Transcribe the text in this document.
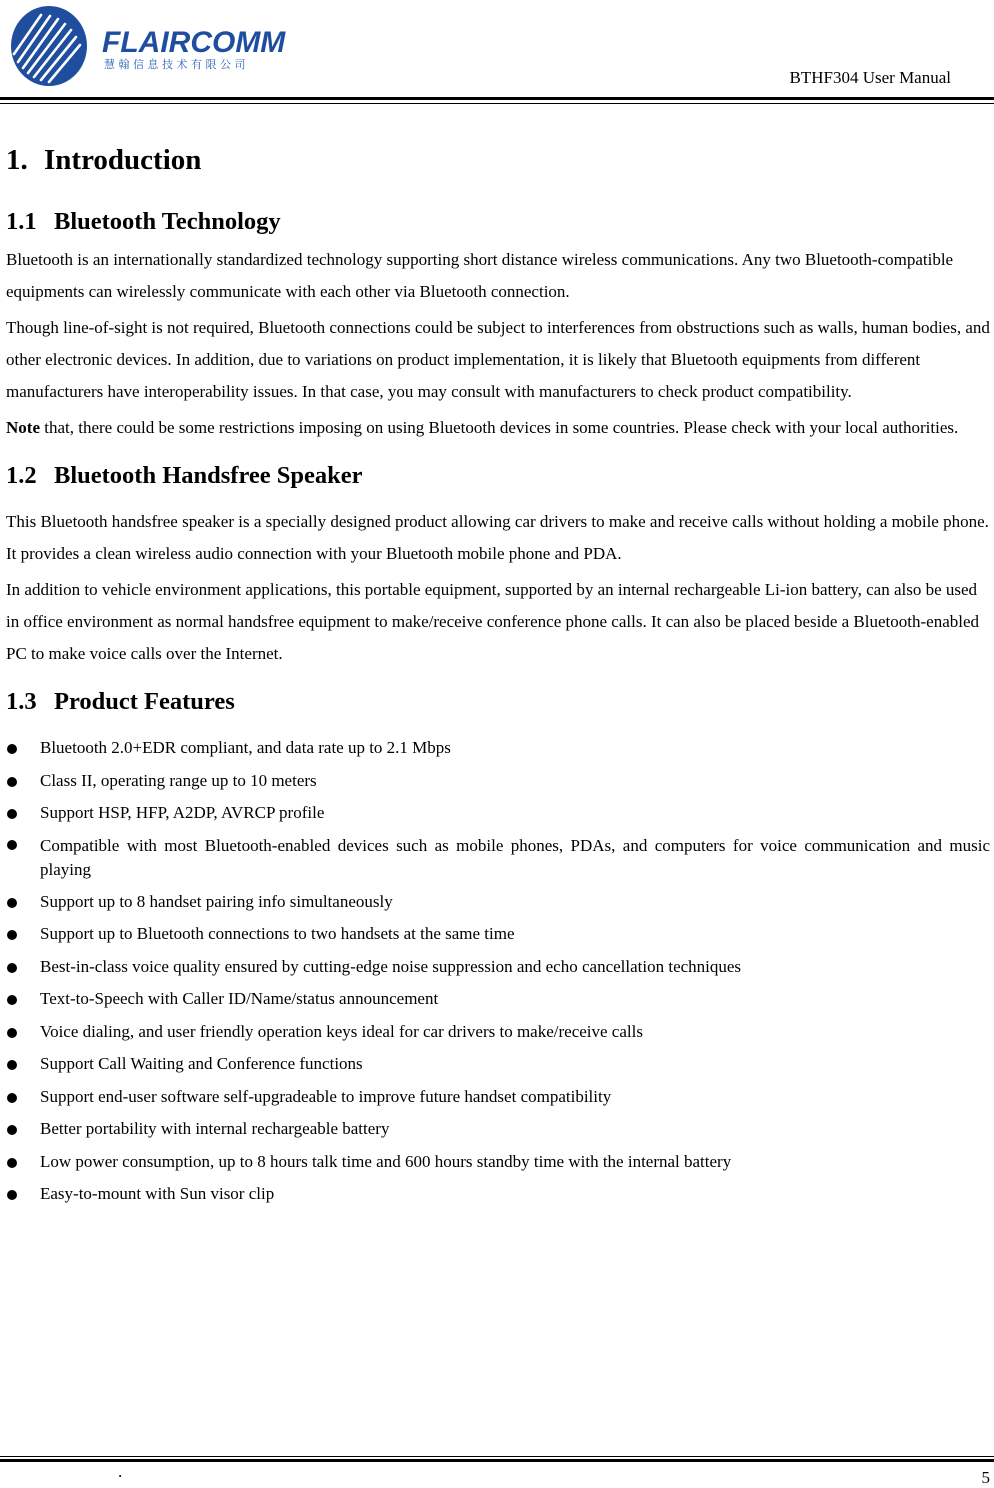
FLAIRCOMM
慧 翰 信 息 技 术 有 限 公 司
BTHF304 User Manual
1. Introduction
1.1 Bluetooth Technology

Bluetooth is an internationally standardized technology supporting short distance wireless communications. Any two Bluetooth-compatible equipments can wirelessly communicate with each other via Bluetooth connection.

Though line-of-sight is not required, Bluetooth connections could be subject to interferences from obstructions such as walls, human bodies, and other electronic devices. In addition, due to variations on product implementation, it is likely that Bluetooth equipments from different manufacturers have interoperability issues. In that case, you may consult with manufacturers to check product compatibility.

Note that, there could be some restrictions imposing on using Bluetooth devices in some countries. Please check with your local authorities.

1.2 Bluetooth Handsfree Speaker

This Bluetooth handsfree speaker is a specially designed product allowing car drivers to make and receive calls without holding a mobile phone. It provides a clean wireless audio connection with your Bluetooth mobile phone and PDA.

In addition to vehicle environment applications, this portable equipment, supported by an internal rechargeable Li-ion battery, can also be used in office environment as normal handsfree equipment to make/receive conference phone calls. It can also be placed beside a Bluetooth-enabled PC to make voice calls over the Internet.

1.3 Product Features
Bluetooth 2.0+EDR compliant, and data rate up to 2.1 Mbps
Class II, operating range up to 10 meters
Support HSP, HFP, A2DP, AVRCP profile
Compatible with most Bluetooth-enabled devices such as mobile phones, PDAs, and computers for voice communication and music playing
Support up to 8 handset pairing info simultaneously
Support up to Bluetooth connections to two handsets at the same time
Best-in-class voice quality ensured by cutting-edge noise suppression and echo cancellation techniques
Text-to-Speech with Caller ID/Name/status announcement
Voice dialing, and user friendly operation keys ideal for car drivers to make/receive calls
Support Call Waiting and Conference functions
Support end-user software self-upgradeable to improve future handset compatibility
Better portability with internal rechargeable battery
Low power consumption, up to 8 hours talk time and 600 hours standby time with the internal battery
Easy-to-mount with Sun visor clip
.	5
